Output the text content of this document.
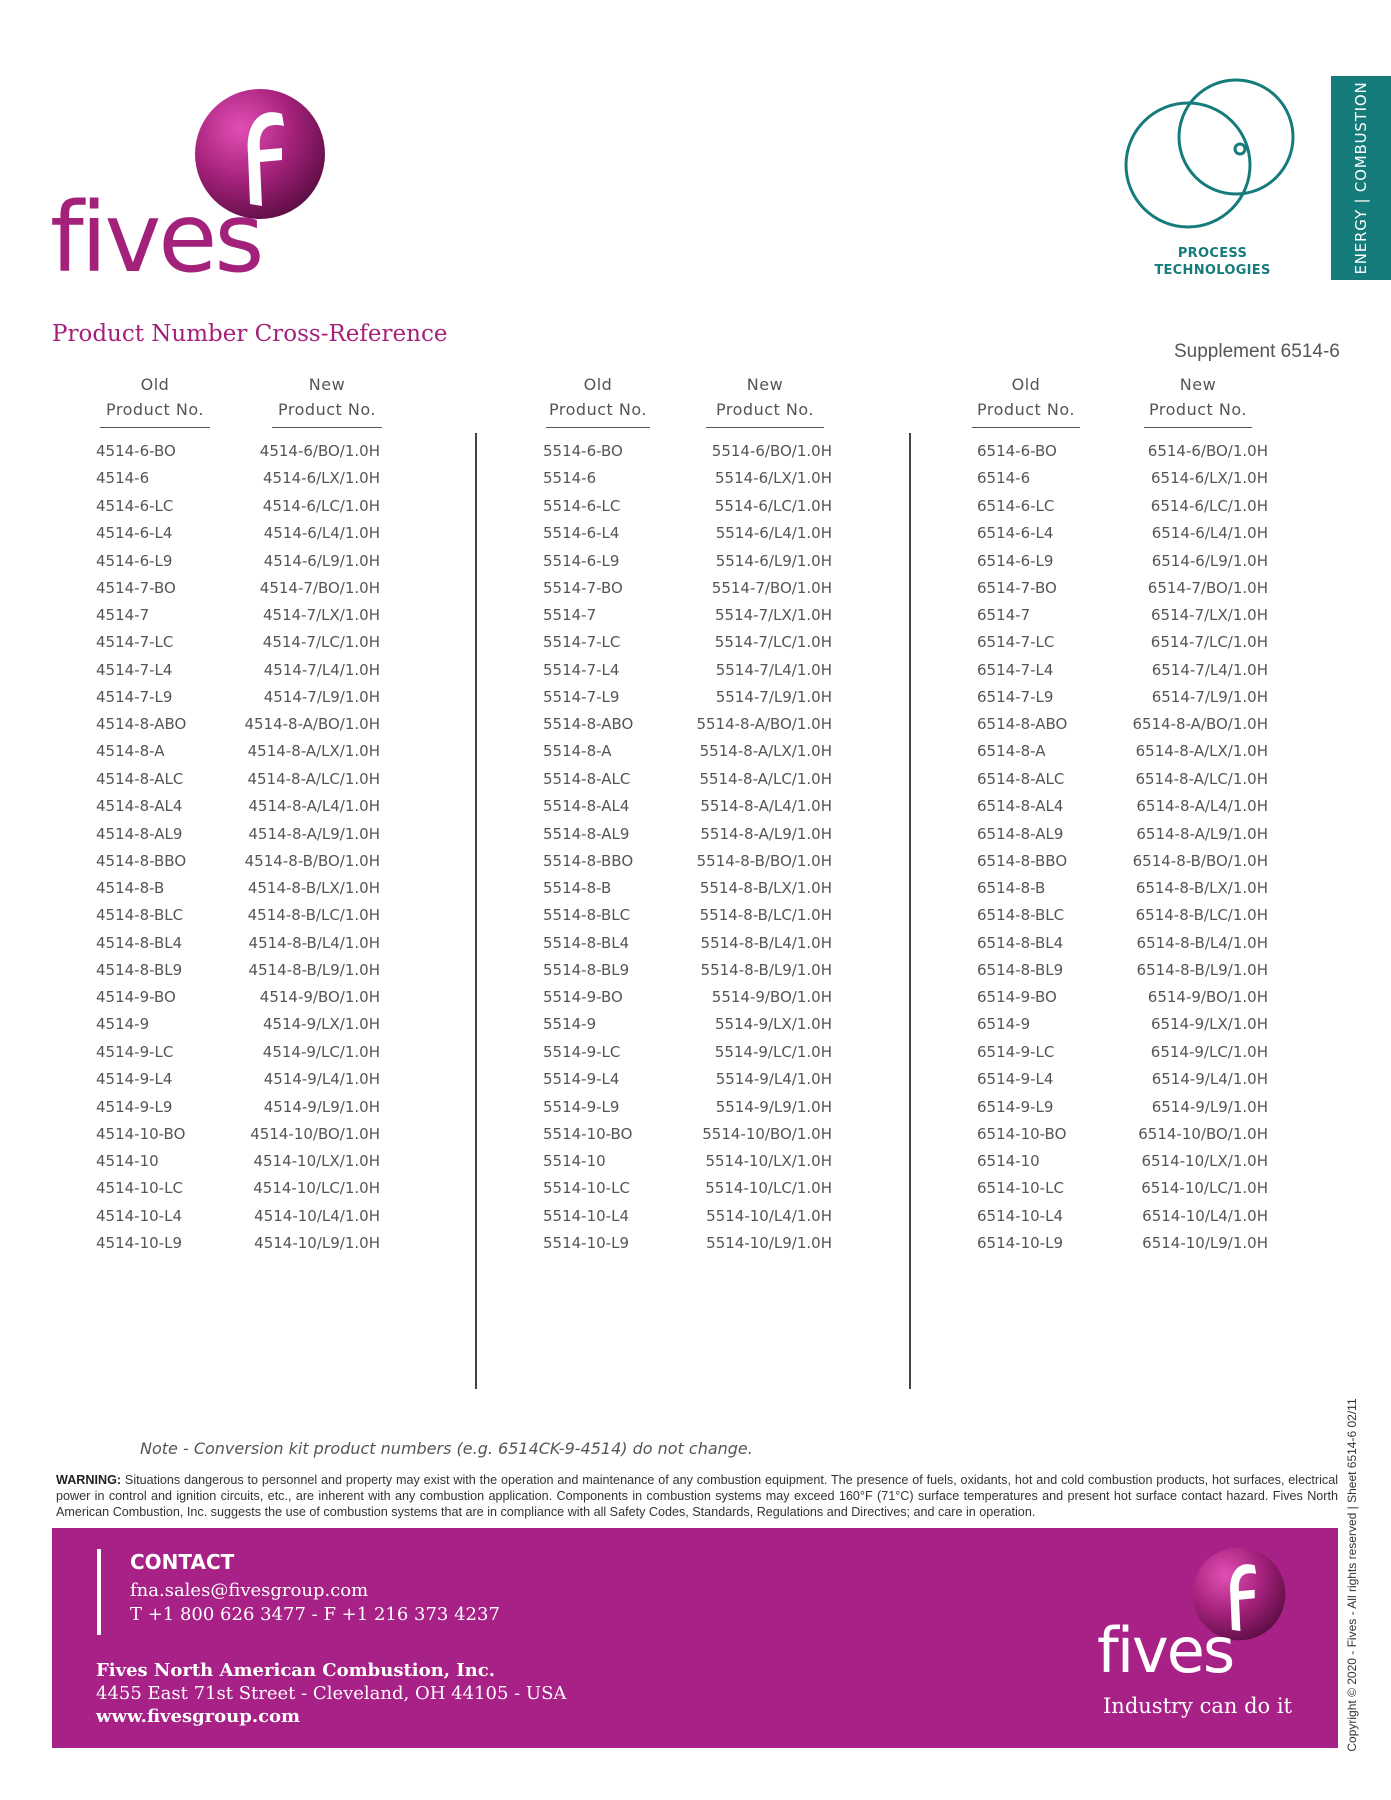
fives	PROCESS
TECHNOLOGIES	ENERGY | COMBUSTION
Product Number Cross-Reference
Supplement 6514-6
Old
Product No.
New
Product No.
4514-6-BO	4514-6/BO/1.0H
4514-6	4514-6/LX/1.0H
4514-6-LC	4514-6/LC/1.0H
4514-6-L4	4514-6/L4/1.0H
4514-6-L9	4514-6/L9/1.0H
4514-7-BO	4514-7/BO/1.0H
4514-7	4514-7/LX/1.0H
4514-7-LC	4514-7/LC/1.0H
4514-7-L4	4514-7/L4/1.0H
4514-7-L9	4514-7/L9/1.0H
4514-8-ABO	4514-8-A/BO/1.0H
4514-8-A	4514-8-A/LX/1.0H
4514-8-ALC	4514-8-A/LC/1.0H
4514-8-AL4	4514-8-A/L4/1.0H
4514-8-AL9	4514-8-A/L9/1.0H
4514-8-BBO	4514-8-B/BO/1.0H
4514-8-B	4514-8-B/LX/1.0H
4514-8-BLC	4514-8-B/LC/1.0H
4514-8-BL4	4514-8-B/L4/1.0H
4514-8-BL9	4514-8-B/L9/1.0H
4514-9-BO	4514-9/BO/1.0H
4514-9	4514-9/LX/1.0H
4514-9-LC	4514-9/LC/1.0H
4514-9-L4	4514-9/L4/1.0H
4514-9-L9	4514-9/L9/1.0H
4514-10-BO	4514-10/BO/1.0H
4514-10	4514-10/LX/1.0H
4514-10-LC	4514-10/LC/1.0H
4514-10-L4	4514-10/L4/1.0H
4514-10-L9	4514-10/L9/1.0H
Old
Product No.
New
Product No.
5514-6-BO	5514-6/BO/1.0H
5514-6	5514-6/LX/1.0H
5514-6-LC	5514-6/LC/1.0H
5514-6-L4	5514-6/L4/1.0H
5514-6-L9	5514-6/L9/1.0H
5514-7-BO	5514-7/BO/1.0H
5514-7	5514-7/LX/1.0H
5514-7-LC	5514-7/LC/1.0H
5514-7-L4	5514-7/L4/1.0H
5514-7-L9	5514-7/L9/1.0H
5514-8-ABO	5514-8-A/BO/1.0H
5514-8-A	5514-8-A/LX/1.0H
5514-8-ALC	5514-8-A/LC/1.0H
5514-8-AL4	5514-8-A/L4/1.0H
5514-8-AL9	5514-8-A/L9/1.0H
5514-8-BBO	5514-8-B/BO/1.0H
5514-8-B	5514-8-B/LX/1.0H
5514-8-BLC	5514-8-B/LC/1.0H
5514-8-BL4	5514-8-B/L4/1.0H
5514-8-BL9	5514-8-B/L9/1.0H
5514-9-BO	5514-9/BO/1.0H
5514-9	5514-9/LX/1.0H
5514-9-LC	5514-9/LC/1.0H
5514-9-L4	5514-9/L4/1.0H
5514-9-L9	5514-9/L9/1.0H
5514-10-BO	5514-10/BO/1.0H
5514-10	5514-10/LX/1.0H
5514-10-LC	5514-10/LC/1.0H
5514-10-L4	5514-10/L4/1.0H
5514-10-L9	5514-10/L9/1.0H
Old
Product No.
New
Product No.
6514-6-BO	6514-6/BO/1.0H
6514-6	6514-6/LX/1.0H
6514-6-LC	6514-6/LC/1.0H
6514-6-L4	6514-6/L4/1.0H
6514-6-L9	6514-6/L9/1.0H
6514-7-BO	6514-7/BO/1.0H
6514-7	6514-7/LX/1.0H
6514-7-LC	6514-7/LC/1.0H
6514-7-L4	6514-7/L4/1.0H
6514-7-L9	6514-7/L9/1.0H
6514-8-ABO	6514-8-A/BO/1.0H
6514-8-A	6514-8-A/LX/1.0H
6514-8-ALC	6514-8-A/LC/1.0H
6514-8-AL4	6514-8-A/L4/1.0H
6514-8-AL9	6514-8-A/L9/1.0H
6514-8-BBO	6514-8-B/BO/1.0H
6514-8-B	6514-8-B/LX/1.0H
6514-8-BLC	6514-8-B/LC/1.0H
6514-8-BL4	6514-8-B/L4/1.0H
6514-8-BL9	6514-8-B/L9/1.0H
6514-9-BO	6514-9/BO/1.0H
6514-9	6514-9/LX/1.0H
6514-9-LC	6514-9/LC/1.0H
6514-9-L4	6514-9/L4/1.0H
6514-9-L9	6514-9/L9/1.0H
6514-10-BO	6514-10/BO/1.0H
6514-10	6514-10/LX/1.0H
6514-10-LC	6514-10/LC/1.0H
6514-10-L4	6514-10/L4/1.0H
6514-10-L9	6514-10/L9/1.0H
Note - Conversion kit product numbers (e.g. 6514CK-9-4514) do not change.
WARNING: Situations dangerous to personnel and property may exist with the operation and maintenance of any combustion equipment. The presence of fuels, oxidants, hot and cold combustion products, hot surfaces, electrical power in control and ignition circuits, etc., are inherent with any combustion application. Components in combustion systems may exceed 160°F (71°C) surface temperatures and present hot surface contact hazard. Fives North American Combustion, Inc. suggests the use of combustion systems that are in compliance with all Safety Codes, Standards, Regulations and Directives; and care in operation.
CONTACT
fna.sales@fivesgroup.com
T +1 800 626 3477 - F +1 216 373 4237
Fives North American Combustion, Inc.
4455 East 71st Street - Cleveland, OH 44105 - USA
www.fivesgroup.com
fives
Industry can do it	Copyright © 2020 - Fives - All rights reserved | Sheet 6514-6 02/11
